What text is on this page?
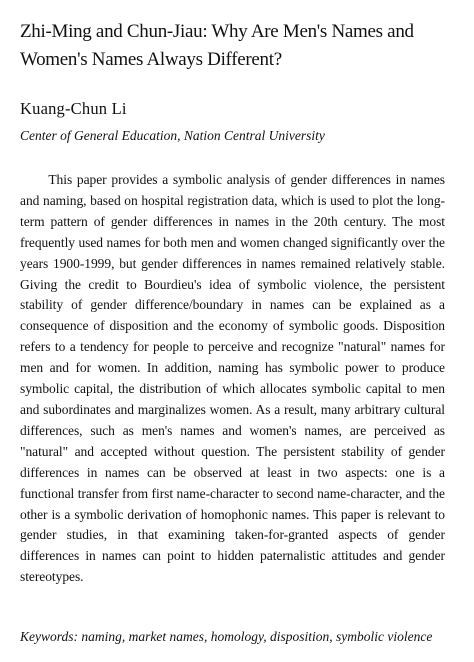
Zhi-Ming and Chun-Jiau: Why Are Men's Names and Women's Names Always Different?
Kuang-Chun Li
Center of General Education, Nation Central University

This paper provides a symbolic analysis of gender differences in names and naming, based on hospital registration data, which is used to plot the long-term pattern of gender differences in names in the 20th century. The most frequently used names for both men and women changed significantly over the years 1900-1999, but gender differences in names remained relatively stable. Giving the credit to Bourdieu's idea of symbolic violence, the persistent stability of gender difference/boundary in names can be explained as a consequence of disposition and the economy of symbolic goods. Disposition refers to a tendency for people to perceive and recognize "natural" names for men and for women. In addition, naming has symbolic power to produce symbolic capital, the distribution of which allocates symbolic capital to men and subordinates and marginalizes women. As a result, many arbitrary cultural differences, such as men's names and women's names, are perceived as "natural" and accepted without question. The persistent stability of gender differences in names can be observed at least in two aspects: one is a functional transfer from first name-character to second name-character, and the other is a symbolic derivation of homophonic names. This paper is relevant to gender studies, in that examining taken-for-granted aspects of gender differences in names can point to hidden paternalistic attitudes and gender stereotypes.

Keywords: naming, market names, homology, disposition, symbolic violence
